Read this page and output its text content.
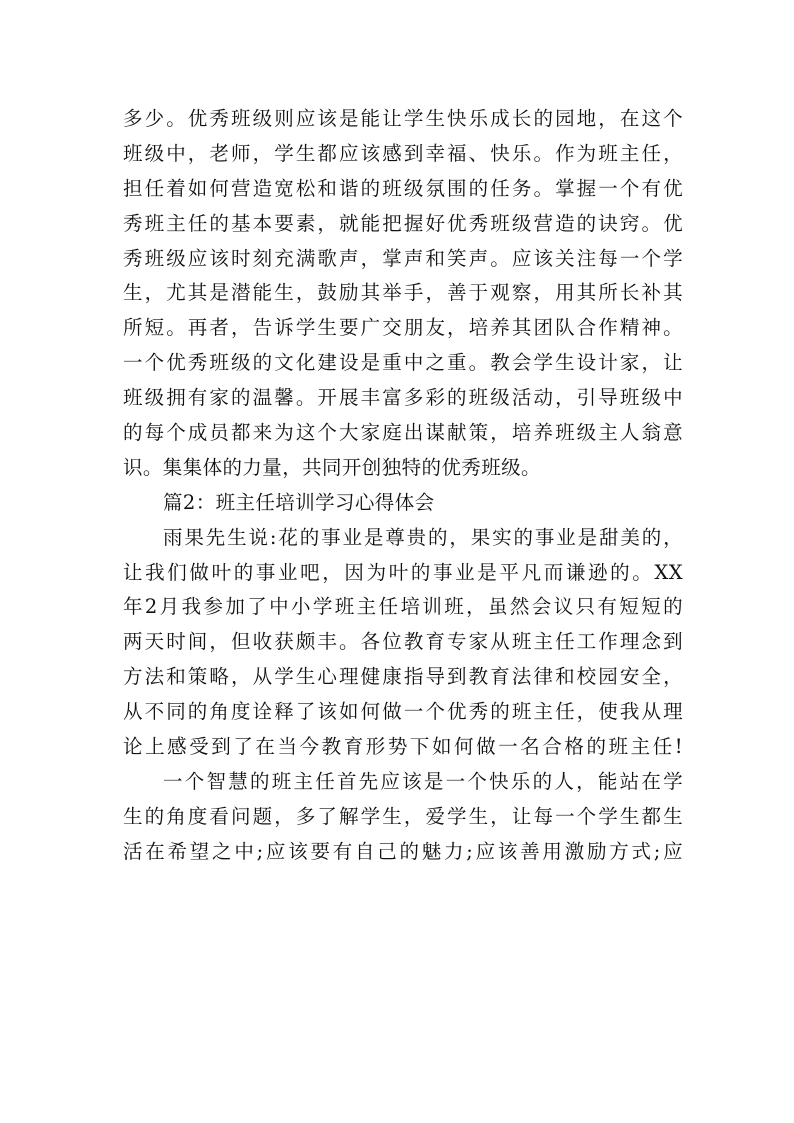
多少。优秀班级则应该是能让学生快乐成长的园地，在这个
班级中，老师，学生都应该感到幸福、快乐。作为班主任，
担任着如何营造宽松和谐的班级氛围的任务。掌握一个有优
秀班主任的基本要素，就能把握好优秀班级营造的诀窍。优
秀班级应该时刻充满歌声，掌声和笑声。应该关注每一个学
生，尤其是潜能生，鼓励其举手，善于观察，用其所长补其
所短。再者，告诉学生要广交朋友，培养其团队合作精神。
一个优秀班级的文化建设是重中之重。教会学生设计家，让
班级拥有家的温馨。开展丰富多彩的班级活动，引导班级中
的每个成员都来为这个大家庭出谋献策，培养班级主人翁意
识。集集体的力量，共同开创独特的优秀班级。
篇2：班主任培训学习心得体会
雨果先生说:花的事业是尊贵的，果实的事业是甜美的，
让我们做叶的事业吧，因为叶的事业是平凡而谦逊的。XX
年2月我参加了中小学班主任培训班，虽然会议只有短短的
两天时间，但收获颇丰。各位教育专家从班主任工作理念到
方法和策略，从学生心理健康指导到教育法律和校园安全，
从不同的角度诠释了该如何做一个优秀的班主任，使我从理
论上感受到了在当今教育形势下如何做一名合格的班主任!
一个智慧的班主任首先应该是一个快乐的人，能站在学
生的角度看问题，多了解学生，爱学生，让每一个学生都生
活在希望之中;应该要有自己的魅力;应该善用激励方式;应
